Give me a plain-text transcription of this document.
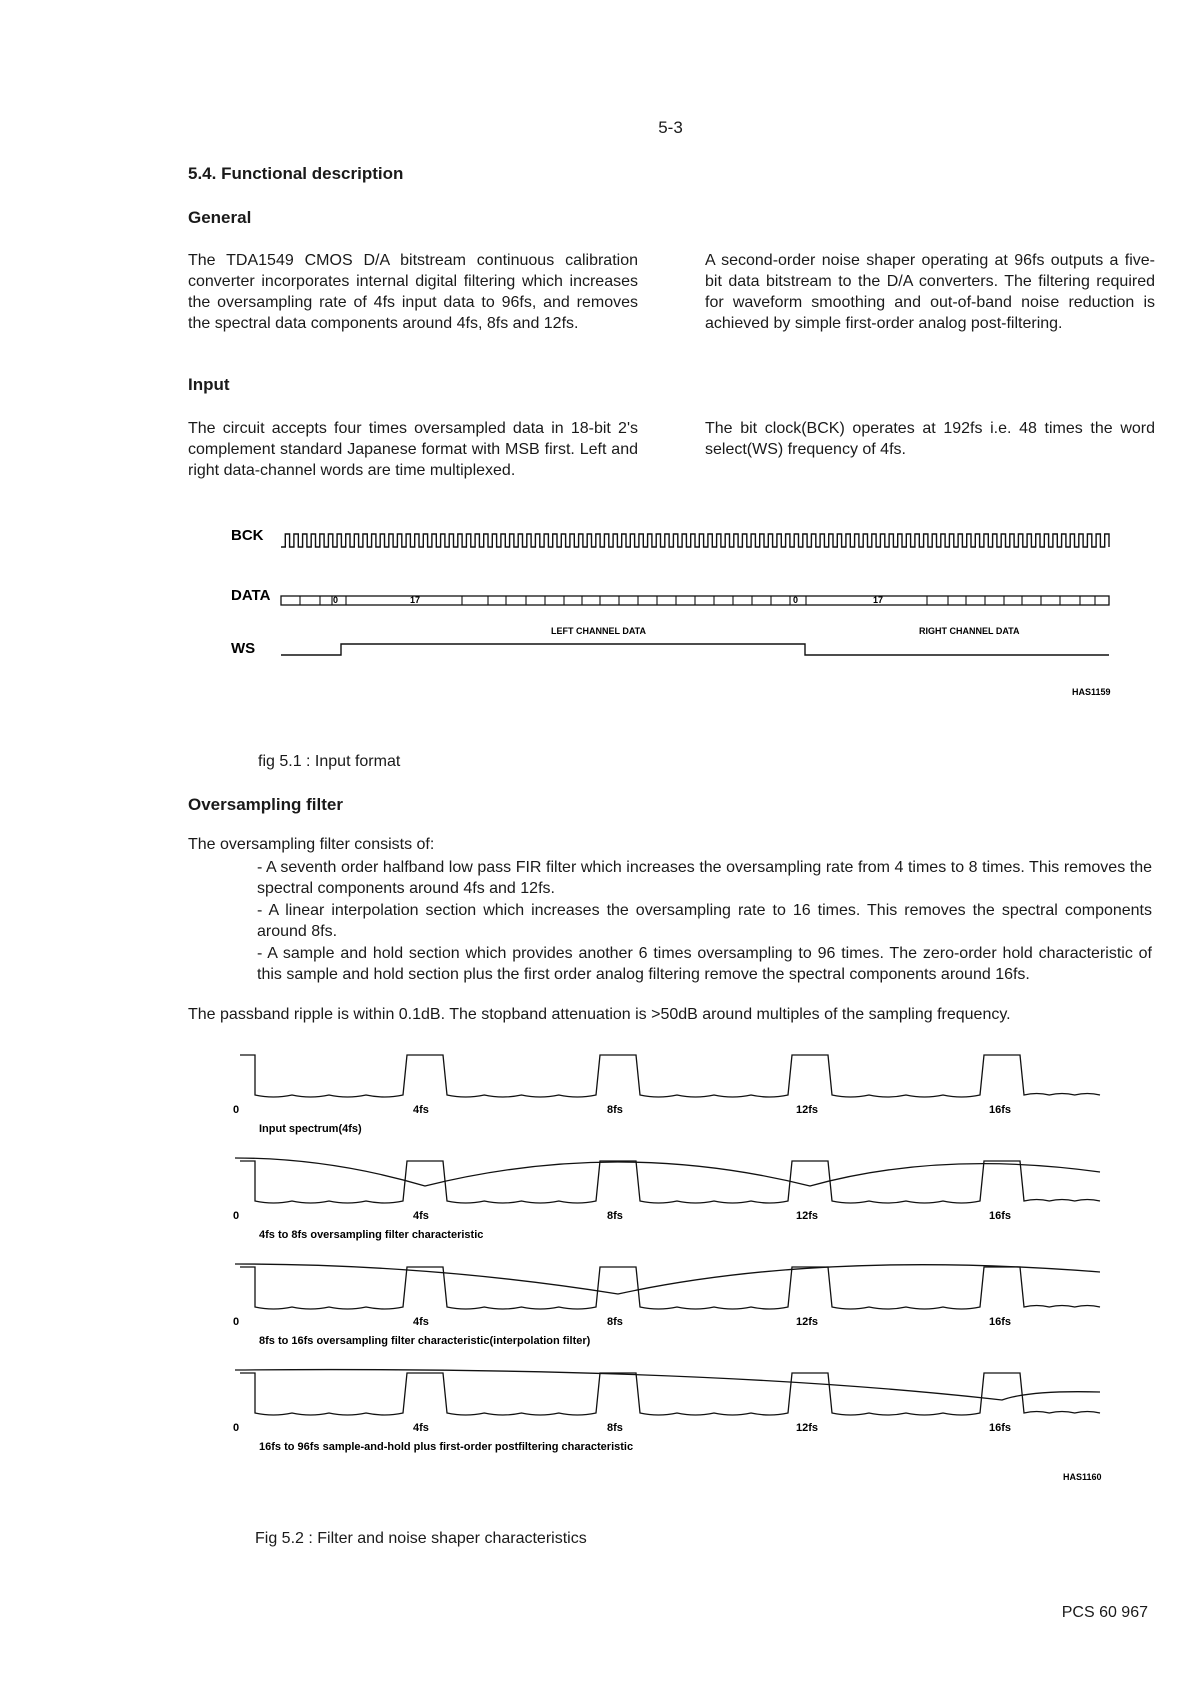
5-3
5.4. Functional description
General

The TDA1549 CMOS D/A bitstream continuous calibration converter incorporates internal digital filtering which increases the oversampling rate of 4fs input data to 96fs, and removes the spectral data components around 4fs, 8fs and 12fs.

A second-order noise shaper operating at 96fs outputs a five-bit data bitstream to the D/A converters. The filtering required for waveform smoothing and out-of-band noise reduction is achieved by simple first-order analog post-filtering.

Input

The circuit accepts four times oversampled data in 18-bit 2's complement standard Japanese format with MSB first. Left and right data-channel words are time multiplexed.

The bit clock(BCK) operates at 192fs i.e. 48 times the word select(WS) frequency of 4fs.

BCK
DATA	0	17	0	17
LEFT CHANNEL DATA	RIGHT CHANNEL DATA
WS
HAS1159
fig 5.1 : Input format
Oversampling filter
The oversampling filter consists of:

- A seventh order halfband low pass FIR filter which increases the oversampling rate from 4 times to 8 times. This removes the spectral components around 4fs and 12fs.

- A linear interpolation section which increases the oversampling rate to 16 times. This removes the spectral components around 8fs.

- A sample and hold section which provides another 6 times oversampling to 96 times. The zero-order hold characteristic of this sample and hold section plus the first order analog filtering remove the spectral components around 16fs.

The passband ripple is within 0.1dB. The stopband attenuation is >50dB around multiples of the sampling frequency.
0	4fs	8fs	12fs	16fs
Input spectrum(4fs)
0	4fs	8fs	12fs	16fs
4fs to 8fs oversampling filter characteristic
0	4fs	8fs	12fs	16fs
8fs to 16fs oversampling filter characteristic(interpolation filter)
0	4fs	8fs	12fs	16fs
16fs to 96fs sample-and-hold plus first-order postfiltering characteristic
HAS1160
Fig 5.2 : Filter and noise shaper characteristics
PCS 60 967
